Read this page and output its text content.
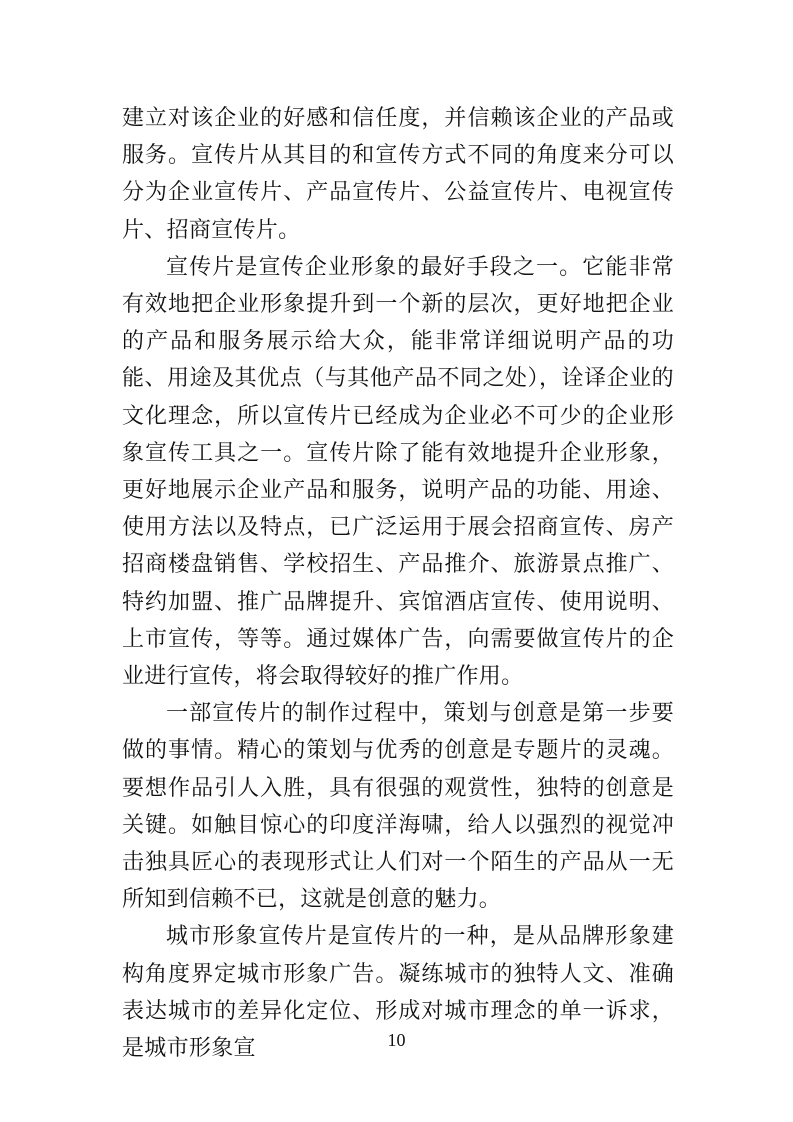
建立对该企业的好感和信任度，并信赖该企业的产品或服务。宣传片从其目的和宣传方式不同的角度来分可以分为企业宣传片、产品宣传片、公益宣传片、电视宣传片、招商宣传片。

宣传片是宣传企业形象的最好手段之一。它能非常有效地把企业形象提升到一个新的层次，更好地把企业的产品和服务展示给大众，能非常详细说明产品的功能、用途及其优点（与其他产品不同之处），诠译企业的文化理念，所以宣传片已经成为企业必不可少的企业形象宣传工具之一。宣传片除了能有效地提升企业形象，更好地展示企业产品和服务，说明产品的功能、用途、使用方法以及特点，已广泛运用于展会招商宣传、房产招商楼盘销售、学校招生、产品推介、旅游景点推广、特约加盟、推广品牌提升、宾馆酒店宣传、使用说明、上市宣传，等等。通过媒体广告，向需要做宣传片的企业进行宣传，将会取得较好的推广作用。

一部宣传片的制作过程中，策划与创意是第一步要做的事情。精心的策划与优秀的创意是专题片的灵魂。要想作品引人入胜，具有很强的观赏性，独特的创意是关键。如触目惊心的印度洋海啸，给人以强烈的视觉冲击独具匠心的表现形式让人们对一个陌生的产品从一无所知到信赖不已，这就是创意的魅力。

城市形象宣传片是宣传片的一种，是从品牌形象建构角度界定城市形象广告。凝练城市的独特人文、准确表达城市的差异化定位、形成对城市理念的单一诉求，是城市形象宣	10
